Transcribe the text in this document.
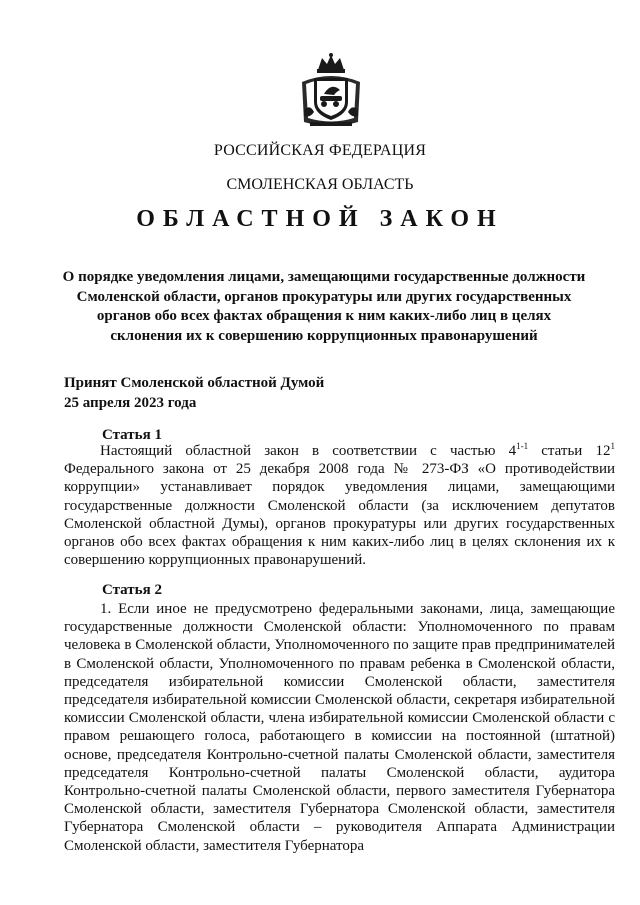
РОССИЙСКАЯ ФЕДЕРАЦИЯ
СМОЛЕНСКАЯ ОБЛАСТЬ
ОБЛАСТНОЙ ЗАКОН
О порядке уведомления лицами, замещающими государственные должности Смоленской области, органов прокуратуры или других государственных органов обо всех фактах обращения к ним каких-либо лиц в целях склонения их к совершению коррупционных правонарушений
Принят Смоленской областной Думой
25 апреля 2023 года
Статья 1
Настоящий областной закон в соответствии с частью 4$^{1-1}$ статьи $12^1$ Федерального закона от 25 декабря 2008 года № 273-ФЗ «О противодействии коррупции» устанавливает порядок уведомления лицами, замещающими государственные должности Смоленской области (за исключением депутатов Смоленской областной Думы), органов прокуратуры или других государственных органов обо всех фактах обращения к ним каких-либо лиц в целях склонения их к совершению коррупционных правонарушений.
Статья 2
1. Если иное не предусмотрено федеральными законами, лица, замещающие государственные должности Смоленской области: Уполномоченного по правам человека в Смоленской области, Уполномоченного по защите прав предпринимателей в Смоленской области, Уполномоченного по правам ребенка в Смоленской области, председателя избирательной комиссии Смоленской области, заместителя председателя избирательной комиссии Смоленской области, секретаря избирательной комиссии Смоленской области, члена избирательной комиссии Смоленской области с правом решающего голоса, работающего в комиссии на постоянной (штатной) основе, председателя Контрольно-счетной палаты Смоленской области, заместителя председателя Контрольно-счетной палаты Смоленской области, аудитора Контрольно-счетной палаты Смоленской области, первого заместителя Губернатора Смоленской области, заместителя Губернатора Смоленской области, заместителя Губернатора Смоленской области – руководителя Аппарата Администрации Смоленской области, заместителя Губернатора
